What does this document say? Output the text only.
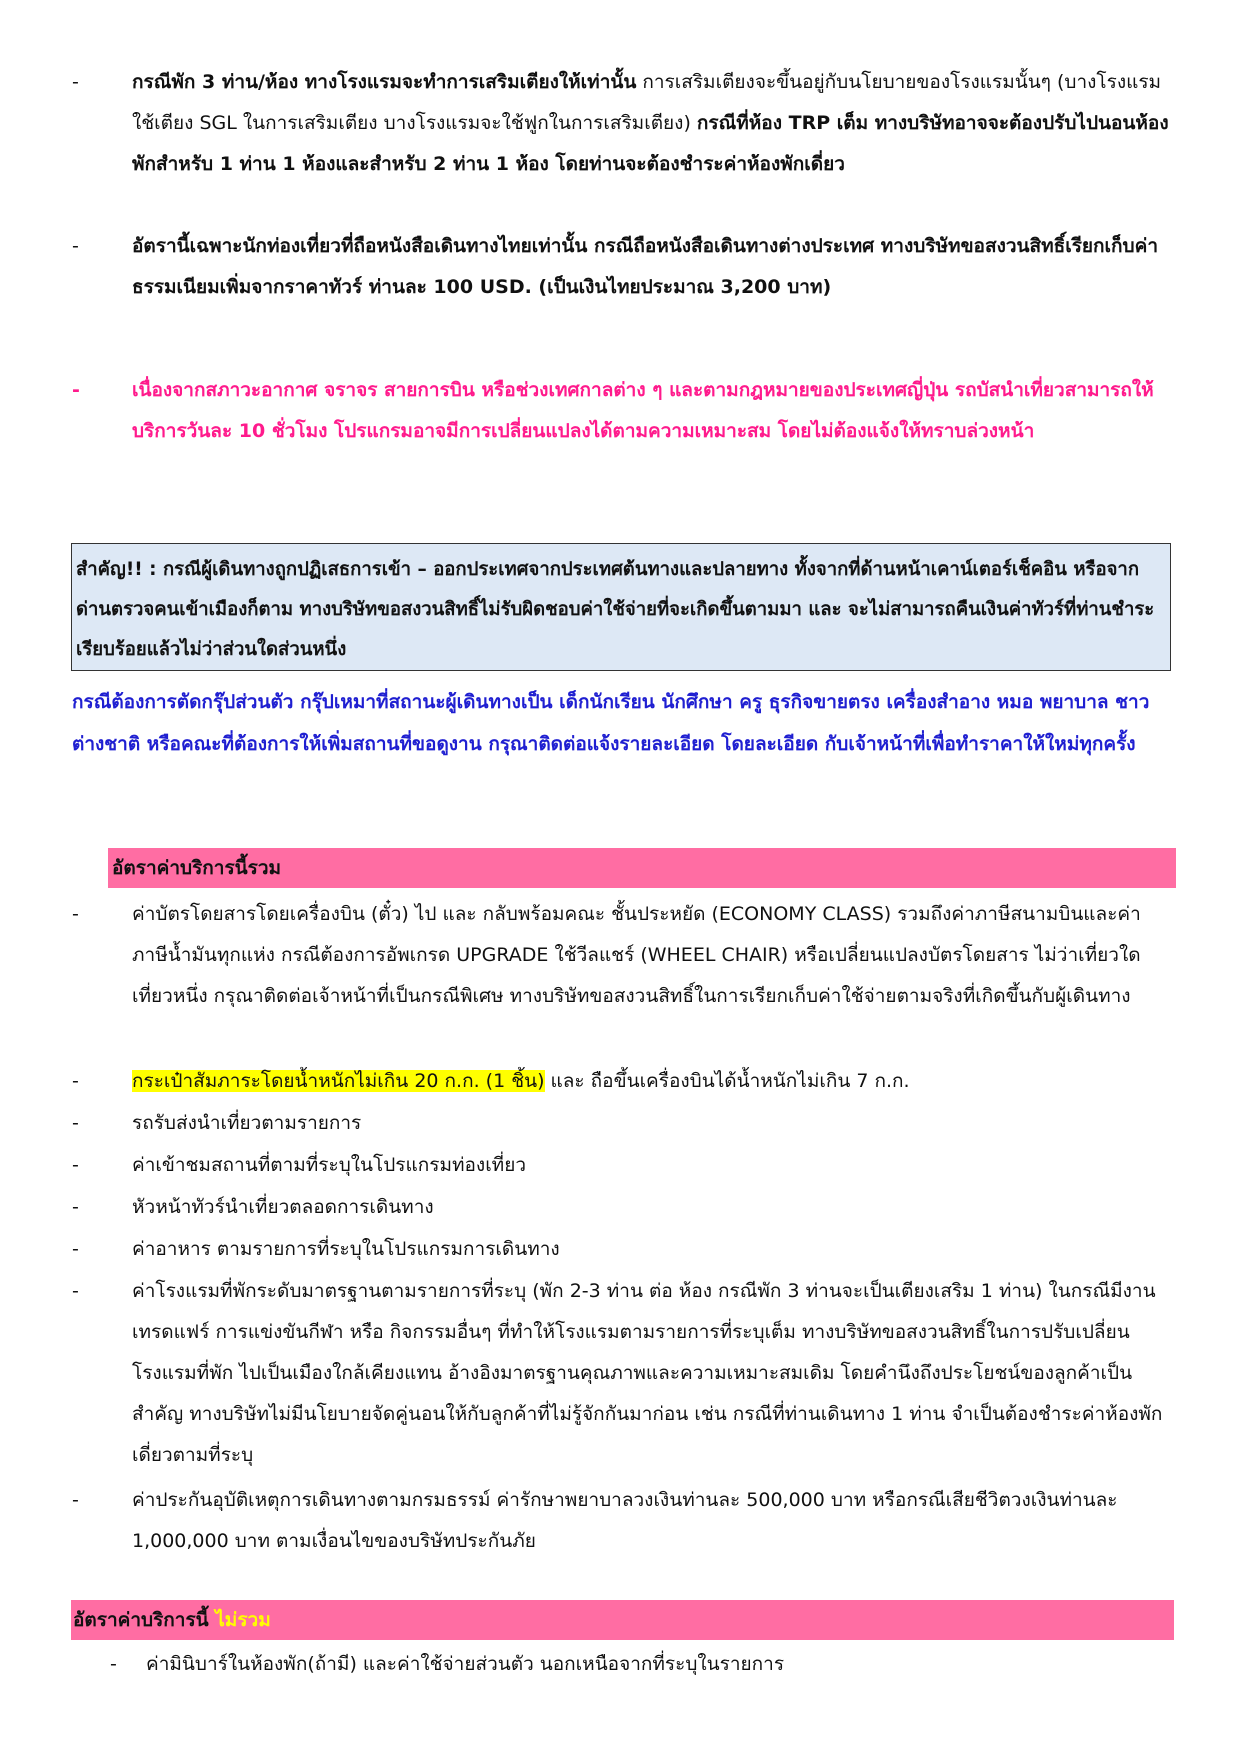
-	กรณีพัก 3 ท่าน/ห้อง ทางโรงแรมจะทำการเสริมเตียงให้เท่านั้น การเสริมเตียงจะขึ้นอยู่กับนโยบายของโรงแรมนั้นๆ (บางโรงแรมใช้เตียง SGL ในการเสริมเตียง บางโรงแรมจะใช้ฟูกในการเสริมเตียง) กรณีที่ห้อง TRP เต็ม ทางบริษัทอาจจะต้องปรับไปนอนห้องพักสำหรับ 1 ท่าน 1 ห้องและสำหรับ 2 ท่าน 1 ห้อง โดยท่านจะต้องชำระค่าห้องพักเดี่ยว
-	อัตรานี้เฉพาะนักท่องเที่ยวที่ถือหนังสือเดินทางไทยเท่านั้น กรณีถือหนังสือเดินทางต่างประเทศ ทางบริษัทขอสงวนสิทธิ์เรียกเก็บค่าธรรมเนียมเพิ่มจากราคาทัวร์ ท่านละ 100 USD. (เป็นเงินไทยประมาณ 3,200 บาท)
-	เนื่องจากสภาวะอากาศ จราจร สายการบิน หรือช่วงเทศกาลต่าง ๆ และตามกฎหมายของประเทศญี่ปุ่น รถบัสนำเที่ยวสามารถให้บริการวันละ 10 ชั่วโมง โปรแกรมอาจมีการเปลี่ยนแปลงได้ตามความเหมาะสม โดยไม่ต้องแจ้งให้ทราบล่วงหน้า
สำคัญ!! : กรณีผู้เดินทางถูกปฏิเสธการเข้า – ออกประเทศจากประเทศต้นทางและปลายทาง ทั้งจากที่ด้านหน้าเคาน์เตอร์เช็คอิน หรือจากด่านตรวจคนเข้าเมืองก็ตาม ทางบริษัทขอสงวนสิทธิ์ไม่รับผิดชอบค่าใช้จ่ายที่จะเกิดขึ้นตามมา และ จะไม่สามารถคืนเงินค่าทัวร์ที่ท่านชำระเรียบร้อยแล้วไม่ว่าส่วนใดส่วนหนึ่ง
กรณีต้องการตัดกรุ๊ปส่วนตัว กรุ๊ปเหมาที่สถานะผู้เดินทางเป็น เด็กนักเรียน นักศึกษา ครู ธุรกิจขายตรง เครื่องสำอาง หมอ พยาบาล ชาวต่างชาติ หรือคณะที่ต้องการให้เพิ่มสถานที่ขอดูงาน กรุณาติดต่อแจ้งรายละเอียด โดยละเอียด กับเจ้าหน้าที่เพื่อทำราคาให้ใหม่ทุกครั้ง
อัตราค่าบริการนี้รวม
-	ค่าบัตรโดยสารโดยเครื่องบิน (ตั๋ว) ไป และ กลับพร้อมคณะ ชั้นประหยัด (ECONOMY CLASS) รวมถึงค่าภาษีสนามบินและค่าภาษีน้ำมันทุกแห่ง กรณีต้องการอัพเกรด UPGRADE ใช้วีลแชร์ (WHEEL CHAIR) หรือเปลี่ยนแปลงบัตรโดยสาร ไม่ว่าเที่ยวใด เที่ยวหนึ่ง กรุณาติดต่อเจ้าหน้าที่เป็นกรณีพิเศษ ทางบริษัทขอสงวนสิทธิ์ในการเรียกเก็บค่าใช้จ่ายตามจริงที่เกิดขึ้นกับผู้เดินทาง
-	กระเป๋าสัมภาระโดยน้ำหนักไม่เกิน 20 ก.ก. (1 ชิ้น) และ ถือขึ้นเครื่องบินได้น้ำหนักไม่เกิน 7 ก.ก.
-	รถรับส่งนำเที่ยวตามรายการ
-	ค่าเข้าชมสถานที่ตามที่ระบุในโปรแกรมท่องเที่ยว
-	หัวหน้าทัวร์นำเที่ยวตลอดการเดินทาง
-	ค่าอาหาร ตามรายการที่ระบุในโปรแกรมการเดินทาง
-	ค่าโรงแรมที่พักระดับมาตรฐานตามรายการที่ระบุ (พัก 2-3 ท่าน ต่อ ห้อง กรณีพัก 3 ท่านจะเป็นเตียงเสริม 1 ท่าน) ในกรณีมีงานเทรดแฟร์ การแข่งขันกีฬา หรือ กิจกรรมอื่นๆ ที่ทำให้โรงแรมตามรายการที่ระบุเต็ม ทางบริษัทขอสงวนสิทธิ์ในการปรับเปลี่ยนโรงแรมที่พัก ไปเป็นเมืองใกล้เคียงแทน อ้างอิงมาตรฐานคุณภาพและความเหมาะสมเดิม โดยคำนึงถึงประโยชน์ของลูกค้าเป็นสำคัญ ทางบริษัทไม่มีนโยบายจัดคู่นอนให้กับลูกค้าที่ไม่รู้จักกันมาก่อน เช่น กรณีที่ท่านเดินทาง 1 ท่าน จำเป็นต้องชำระค่าห้องพักเดี่ยวตามที่ระบุ
-	ค่าประกันอุบัติเหตุการเดินทางตามกรมธรรม์ ค่ารักษาพยาบาลวงเงินท่านละ 500,000 บาท หรือกรณีเสียชีวิตวงเงินท่านละ 1,000,000 บาท ตามเงื่อนไขของบริษัทประกันภัย
อัตราค่าบริการนี้ ไม่รวม
-	ค่ามินิบาร์ในห้องพัก(ถ้ามี) และค่าใช้จ่ายส่วนตัว นอกเหนือจากที่ระบุในรายการ
